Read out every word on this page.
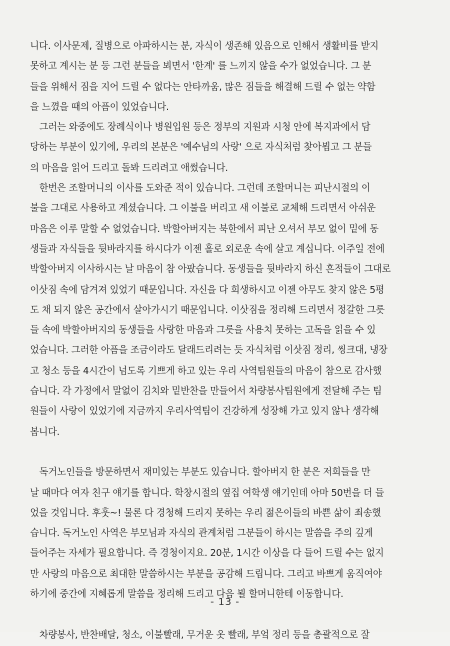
니다. 이사문제, 질병으로 아파하시는 분, 자식이 생존해 있음으로 인해서 생활비를 받지
못하고 계시는 분 등 그런 분들을 뵈면서 '한계' 를 느끼지 않을 수가 없었습니다. 그 분
들을 위해서 짐을 지어 드릴 수 없다는 안타까움, 많은 짐들을 해결해 드릴 수 없는 약함
을 느꼈을 때의 아픔이 있었습니다.

　그러는 와중에도 장례식이나 병원입원 등은 정부의 지원과 시청 안에 복지과에서 담
당하는 부분이 있기에, 우리의 본분은 '예수님의 사랑' 으로 자식처럼 찾아뵙고 그 분들
의 마음을 읽어 드리고 돌봐 드리려고 애썼습니다.

　한번은 조할머니의 이사를 도와준 적이 있습니다. 그런데 조할머니는 피난시절의 이
불을 그대로 사용하고 계셨습니다. 그 이불을 버리고 새 이불로 교체해 드리면서 아쉬운
마음은 이루 말할 수 없었습니다. 박할아버지는 북한에서 피난 오셔서 부모 없이 밑에 동
생들과 자식들을 뒷바라지를 하시다가 이젠 홀로 외로운 속에 살고 계십니다. 이주일 전에
박할아버지 이사하시는 날 마음이 참 아팠습니다. 동생들을 뒷바라지 하신 흔적들이 그대로
이삿짐 속에 담겨져 있었기 때문입니다. 자신을 다 희생하시고 이젠 아무도 찾지 않은 5평
도 채 되지 않은 공간에서 살아가시기 때문입니다. 이삿짐을 정리해 드리면서 정갈한 그릇
들 속에 박할아버지의 동생들을 사랑한 마음과 그릇을 사용치 못하는 고독을 읽을 수 있
었습니다. 그러한 아픔을 조금이라도 달래드리려는 듯 자식처럼 이삿짐 정리, 씽크대, 냉장
고 청소 등을 4시간이 넘도록 기쁘게 하고 있는 우리 사역팀원들의 마음이 참으로 감사했
습니다. 각 가정에서 말없이 김치와 밑반찬을 만들어서 차량봉사팀원에게 전달해 주는 팀
원들이 사랑이 있었기에 지금까지 우리사역팀이 건강하게 성장해 가고 있지 않나 생각해
봅니다.

　독거노인들을 방문하면서 재미있는 부분도 있습니다. 할아버지 한 분은 저희들을 만
날 때마다 여자 친구 얘기를 합니다. 학창시절의 옆집 여학생 얘기인데 아마 50번을 더 들
었을 것입니다. 후훗~! 물론 다 경청해 드리지 못하는 우리 젊은이들의 바쁜 삶이 죄송했
습니다. 독거노인 사역은 부모님과 자식의 관계처럼 그분들이 하시는 말씀을 주의 깊게
들어주는 자세가 필요합니다. 즉 경청이지요. 20분, 1시간 이상을 다 들어 드릴 수는 없지
만 사랑의 마음으로 최대한 말씀하시는 부분을 공감해 드립니다. 그리고 바쁘게 움직여야
하기에 중간에 지혜롭게 말씀을 정리해 드리고 다음 뵐 할머니한테 이동합니다.

　차량봉사, 반찬배달, 청소, 이불빨래, 무거운 옷 빨래, 부엌 정리 등을 총괄적으로 잘

- 13 -
